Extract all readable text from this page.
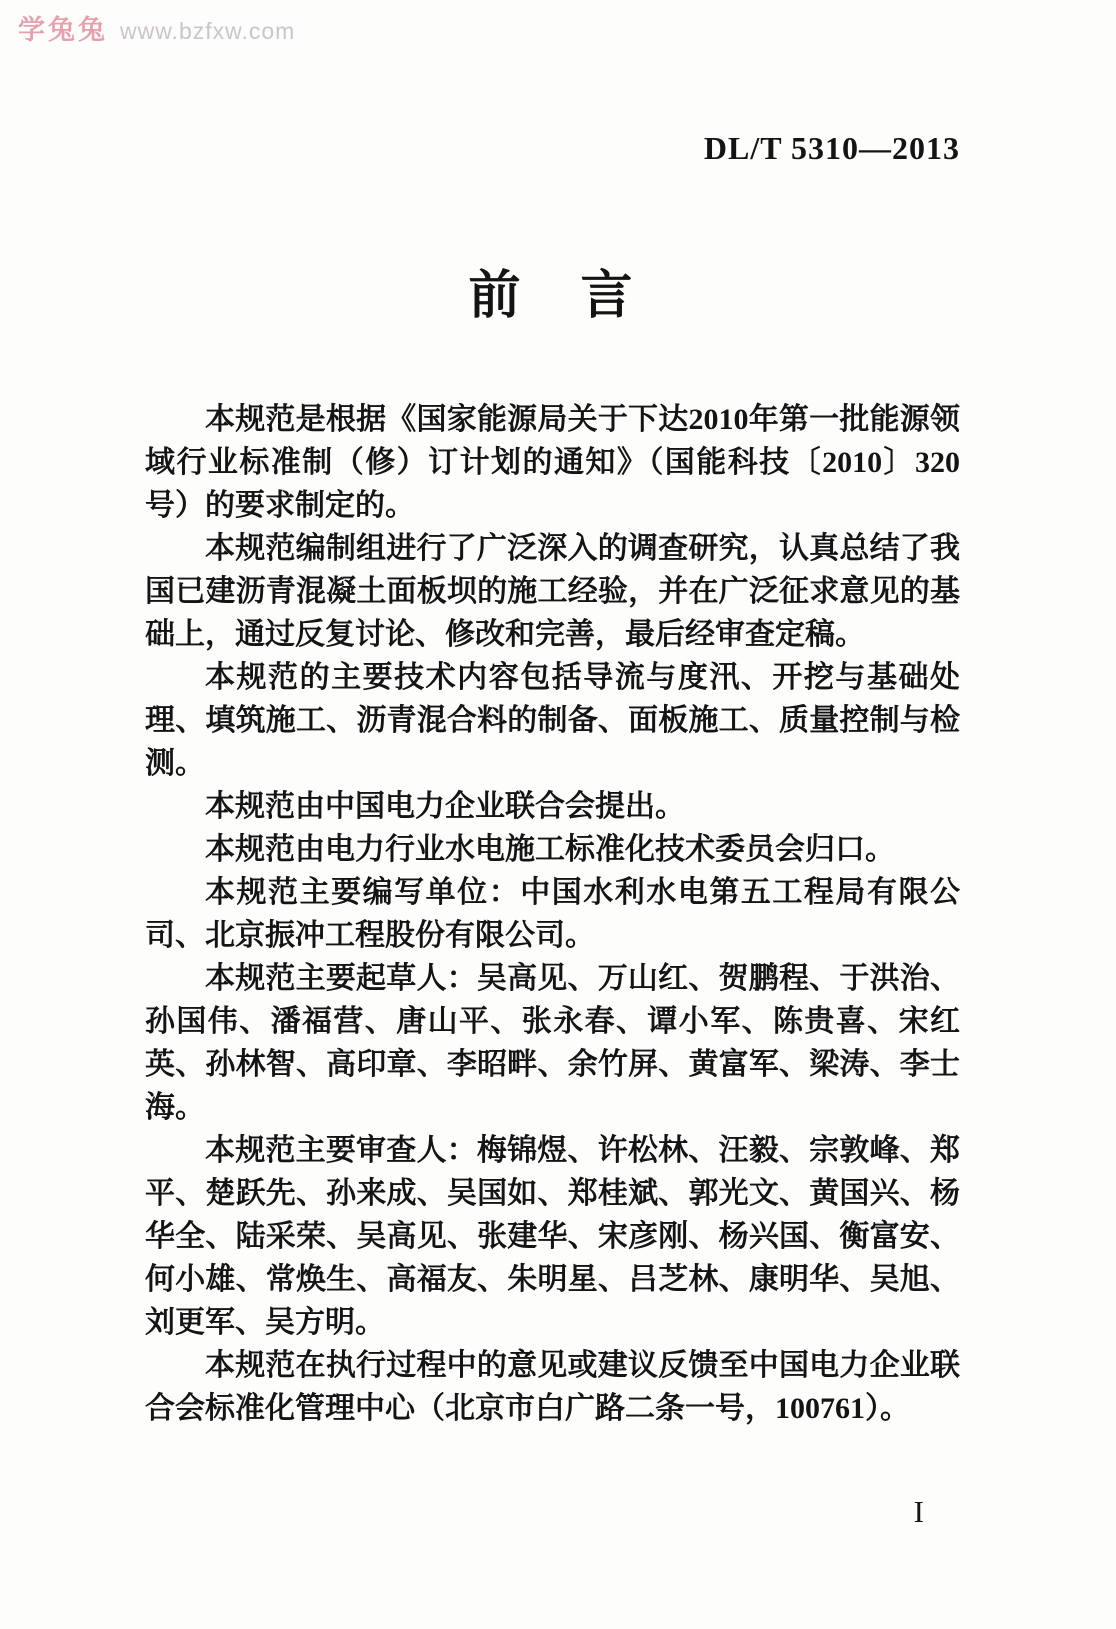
学兔兔 www.bzfxw.com
DL/T 5310—2013
前　言

本规范是根据《国家能源局关于下达2010年第一批能源领域行业标准制（修）订计划的通知》（国能科技〔2010〕320号）的要求制定的。

本规范编制组进行了广泛深入的调查研究，认真总结了我国已建沥青混凝土面板坝的施工经验，并在广泛征求意见的基础上，通过反复讨论、修改和完善，最后经审查定稿。

本规范的主要技术内容包括导流与度汛、开挖与基础处理、填筑施工、沥青混合料的制备、面板施工、质量控制与检测。

本规范由中国电力企业联合会提出。

本规范由电力行业水电施工标准化技术委员会归口。

本规范主要编写单位：中国水利水电第五工程局有限公司、北京振冲工程股份有限公司。

本规范主要起草人：吴高见、万山红、贺鹏程、于洪治、孙国伟、潘福营、唐山平、张永春、谭小军、陈贵喜、宋红英、孙林智、高印章、李昭畔、余竹屏、黄富军、梁涛、李士海。

本规范主要审查人：梅锦煜、许松林、汪毅、宗敦峰、郑平、楚跃先、孙来成、吴国如、郑桂斌、郭光文、黄国兴、杨华全、陆采荣、吴高见、张建华、宋彦刚、杨兴国、衡富安、何小雄、常焕生、高福友、朱明星、吕芝林、康明华、吴旭、刘更军、吴方明。

本规范在执行过程中的意见或建议反馈至中国电力企业联合会标准化管理中心（北京市白广路二条一号，100761）。

I
